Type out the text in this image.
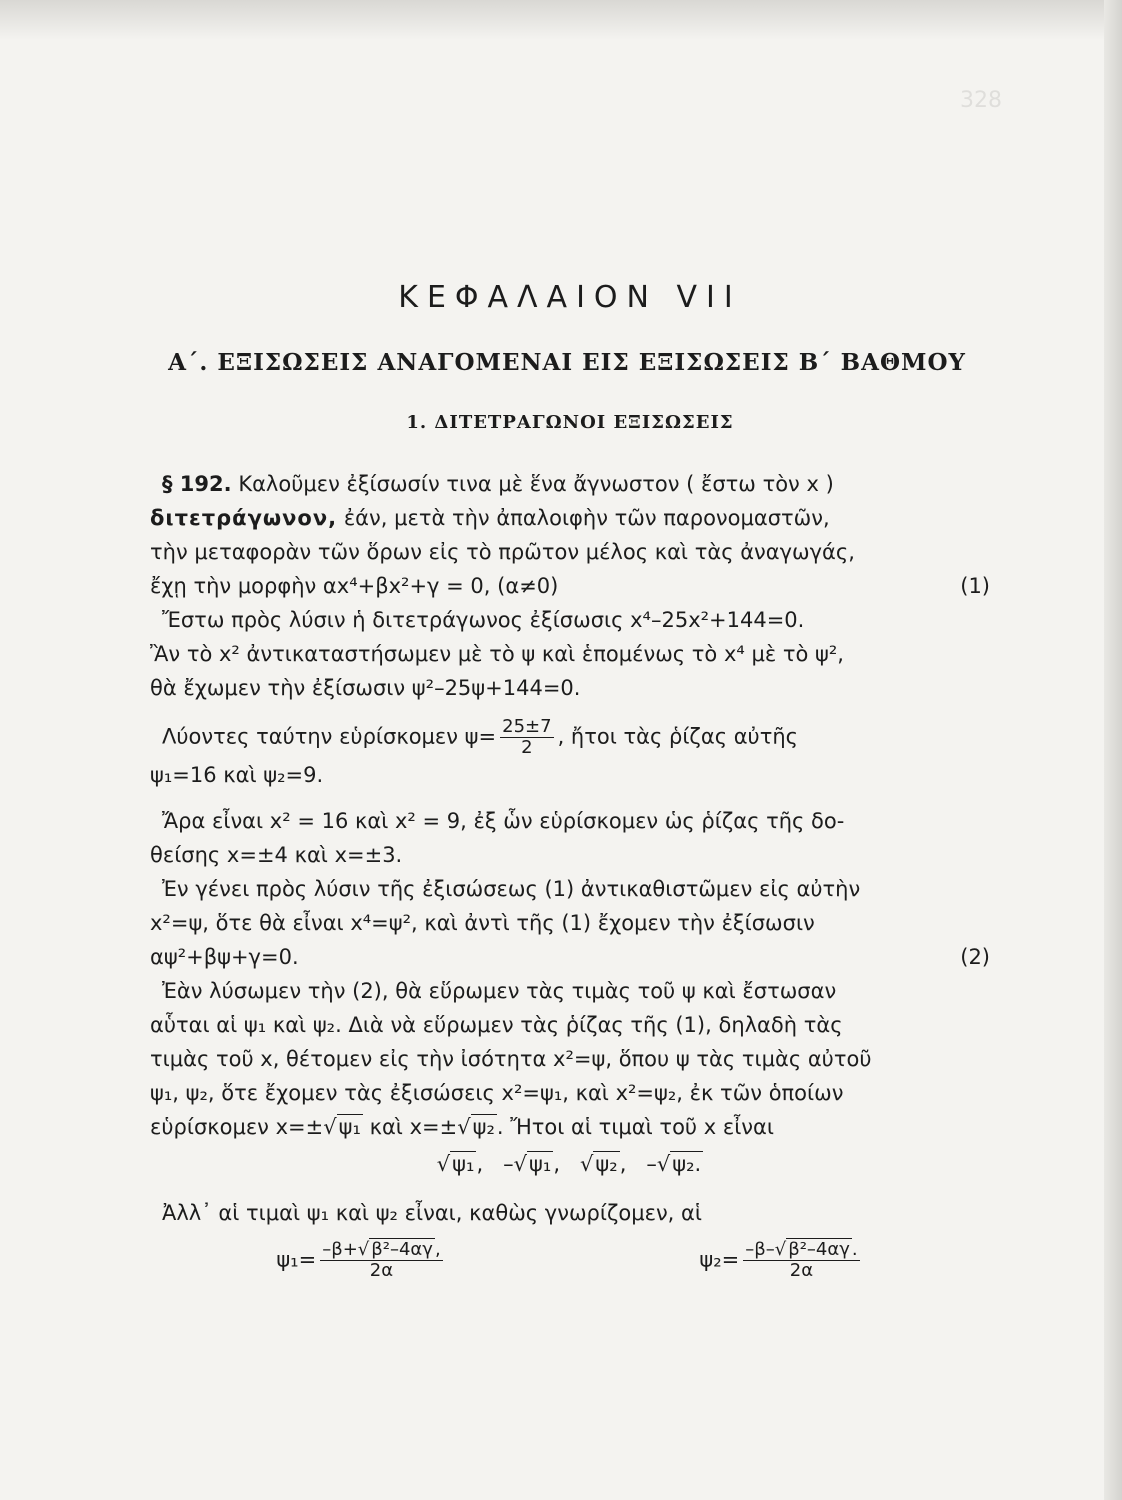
ΚΕΦΑΛΑΙΟΝ VII
Α΄. ΕΞΙΣΩΣΕΙΣ ΑΝΑΓΟΜΕΝΑΙ ΕΙΣ ΕΞΙΣΩΣΕΙΣ Β΄ ΒΑΘΜΟΥ
1. ΔΙΤΕΤΡΑΓΩΝΟΙ ΕΞΙΣΩΣΕΙΣ

§ 192. Καλοῦμεν ἐξίσωσίν τινα μὲ ἕνα ἄγνωστον ( ἔστω τὸν x )

διτετράγωνον, ἐάν, μετὰ τὴν ἀπαλοιφὴν τῶν παρονομαστῶν,

τὴν μεταφορὰν τῶν ὅρων εἰς τὸ πρῶτον μέλος καὶ τὰς ἀναγωγάς,

ἔχῃ τὴν μορφὴν αx⁴+βx²+γ = 0, (α≠0)	(1)

Ἔστω πρὸς λύσιν ἡ διτετράγωνος ἐξίσωσις x⁴–25x²+144=0.

Ἂν τὸ x² ἀντικαταστήσωμεν μὲ τὸ ψ καὶ ἑπομένως τὸ x⁴ μὲ τὸ ψ²,

θὰ ἔχωμεν τὴν ἐξίσωσιν ψ²–25ψ+144=0.

Λύοντες ταύτην εὑρίσκομεν $\psi= \frac{25\pm 7}{2}$ , ἤτοι τὰς ῥίζας αὐτῆς

ψ₁=16 καὶ ψ₂=9.

Ἄρα εἶναι x² = 16 καὶ x² = 9, ἐξ ὧν εὑρίσκομεν ὡς ῥίζας τῆς δο-

θείσης x=±4 καὶ x=±3.

Ἐν γένει πρὸς λύσιν τῆς ἐξισώσεως (1) ἀντικαθιστῶμεν εἰς αὐτὴν

x²=ψ, ὅτε θὰ εἶναι x⁴=ψ², καὶ ἀντὶ τῆς (1) ἔχομεν τὴν ἐξίσωσιν

αψ²+βψ+γ=0.	(2)

Ἐὰν λύσωμεν τὴν (2), θὰ εὕρωμεν τὰς τιμὰς τοῦ ψ καὶ ἔστωσαν

αὗται αἱ ψ₁ καὶ ψ₂. Διὰ νὰ εὕρωμεν τὰς ῥίζας τῆς (1), δηλαδὴ τὰς

τιμὰς τοῦ x, θέτομεν εἰς τὴν ἰσότητα x²=ψ, ὅπου ψ τὰς τιμὰς αὐτοῦ

ψ₁, ψ₂, ὅτε ἔχομεν τὰς ἐξισώσεις x²=ψ₁, καὶ x²=ψ₂, ἐκ τῶν ὁποίων

εὑρίσκομεν x=±√ψ₁ καὶ x=±√ψ₂. Ἤτοι αἱ τιμαὶ τοῦ x εἶναι

√ψ₁,   –√ψ₁,   √ψ₂,   –√ψ₂.

Ἀλλ᾽ αἱ τιμαὶ ψ₁ καὶ ψ₂ εἶναι, καθὼς γνωρίζομεν, αἱ

$\psi_1= \frac{\text{–β+√ β²–4αγ ,}}{2\alpha}$	$\psi_2= \frac{\text{–β–√ β²–4αγ .}}{2\alpha}$
328
